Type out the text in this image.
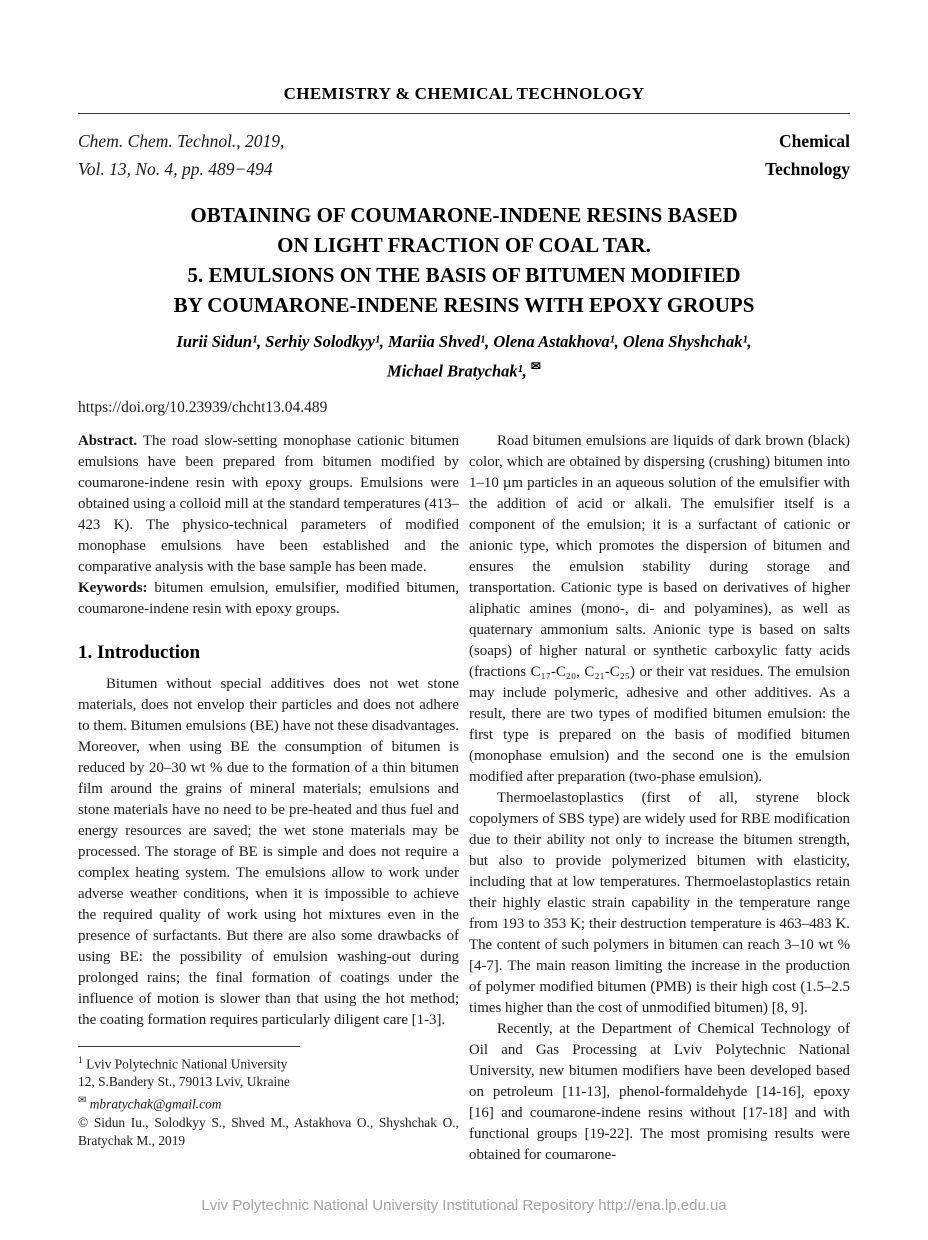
CHEMISTRY & CHEMICAL TECHNOLOGY
Chem. Chem. Technol., 2019,
Vol. 13, No. 4, pp. 489−494
Chemical
Technology
OBTAINING OF COUMARONE-INDENE RESINS BASED
ON LIGHT FRACTION OF COAL TAR.
5. EMULSIONS ON THE BASIS OF BITUMEN MODIFIED
BY COUMARONE-INDENE RESINS WITH EPOXY GROUPS
Iurii Sidun¹, Serhiy Solodkyy¹, Mariia Shved¹, Olena Astakhova¹, Olena Shyshchak¹,
Michael Bratychak¹, ✉
https://doi.org/10.23939/chcht13.04.489

Abstract. The road slow-setting monophase cationic bitumen emulsions have been prepared from bitumen modified by coumarone-indene resin with epoxy groups. Emulsions were obtained using a colloid mill at the standard temperatures (413–423 K). The physico-technical parameters of modified monophase emulsions have been established and the comparative analysis with the base sample has been made.

Keywords: bitumen emulsion, emulsifier, modified bitumen, coumarone-indene resin with epoxy groups.

1. Introduction

Bitumen without special additives does not wet stone materials, does not envelop their particles and does not adhere to them. Bitumen emulsions (BE) have not these disadvantages. Moreover, when using BE the consumption of bitumen is reduced by 20–30 wt % due to the formation of a thin bitumen film around the grains of mineral materials; emulsions and stone materials have no need to be pre-heated and thus fuel and energy resources are saved; the wet stone materials may be processed. The storage of BE is simple and does not require a complex heating system. The emulsions allow to work under adverse weather conditions, when it is impossible to achieve the required quality of work using hot mixtures even in the presence of surfactants. But there are also some drawbacks of using BE: the possibility of emulsion washing-out during prolonged rains; the final formation of coatings under the influence of motion is slower than that using the hot method; the coating formation requires particularly diligent care [1-3].

$^1$ Lviv Polytechnic National University

12, S.Bandery St., 79013 Lviv, Ukraine

✉ mbratychak@gmail.com

© Sidun Iu., Solodkyy S., Shved M., Astakhova O., Shyshchak O., Bratychak M., 2019

Road bitumen emulsions are liquids of dark brown (black) color, which are obtained by dispersing (crushing) bitumen into 1–10 µm particles in an aqueous solution of the emulsifier with the addition of acid or alkali. The emulsifier itself is a component of the emulsion; it is a surfactant of cationic or anionic type, which promotes the dispersion of bitumen and ensures the emulsion stability during storage and transportation. Cationic type is based on derivatives of higher aliphatic amines (mono-, di- and polyamines), as well as quaternary ammonium salts. Anionic type is based on salts (soaps) of higher natural or synthetic carboxylic fatty acids (fractions C₁₇-C₂₀, C₂₁-C₂₅) or their vat residues. The emulsion may include polymeric, adhesive and other additives. As a result, there are two types of modified bitumen emulsion: the first type is prepared on the basis of modified bitumen (monophase emulsion) and the second one is the emulsion modified after preparation (two-phase emulsion).

Thermoelastoplastics (first of all, styrene block copolymers of SBS type) are widely used for RBE modification due to their ability not only to increase the bitumen strength, but also to provide polymerized bitumen with elasticity, including that at low temperatures. Thermoelastoplastics retain their highly elastic strain capability in the temperature range from 193 to 353 K; their destruction temperature is 463–483 K. The content of such polymers in bitumen can reach 3–10 wt % [4-7]. The main reason limiting the increase in the production of polymer modified bitumen (PMB) is their high cost (1.5–2.5 times higher than the cost of unmodified bitumen) [8, 9].

Recently, at the Department of Chemical Technology of Oil and Gas Processing at Lviv Polytechnic National University, new bitumen modifiers have been developed based on petroleum [11-13], phenol-formaldehyde [14-16], epoxy [16] and coumarone-indene resins without [17-18] and with functional groups [19-22]. The most promising results were obtained for coumarone-

Lviv Polytechnic National University Institutional Repository http://ena.lp.edu.ua
